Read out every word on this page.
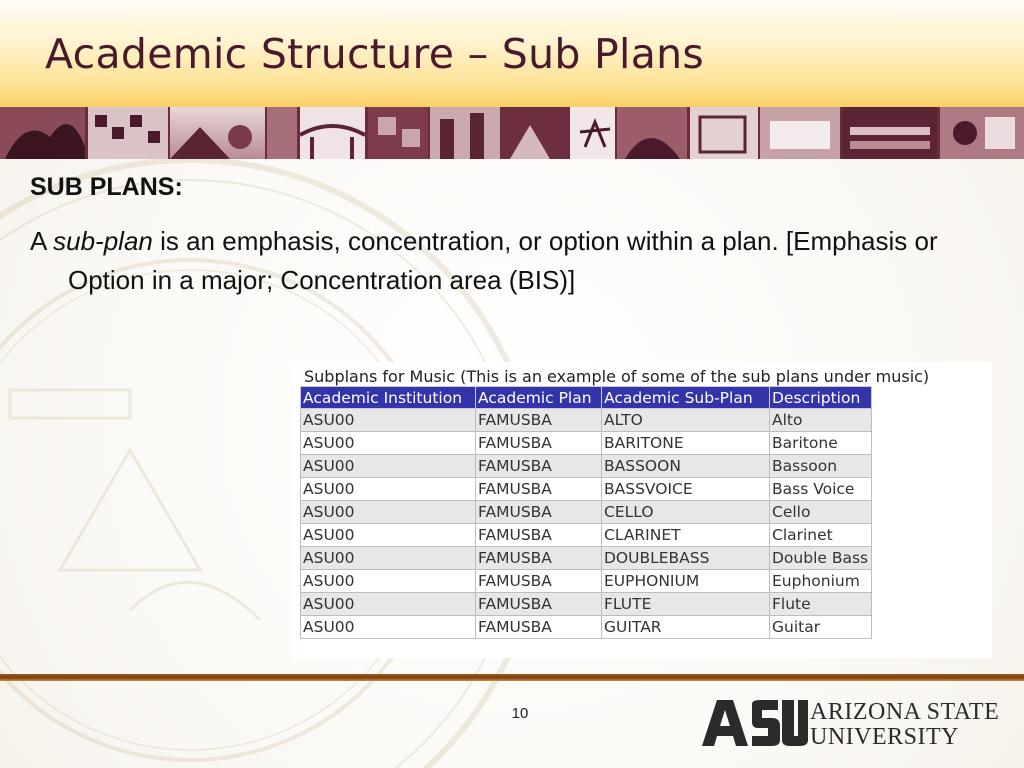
Academic Structure – Sub Plans
SUB PLANS:

A sub-plan is an emphasis, concentration, or option within a plan. [Emphasis or Option in a major; Concentration area (BIS)]

Subplans for Music (This is an example of some of the sub plans under music)
Academic Institution	Academic Plan	Academic Sub-Plan	Description
ASU00	FAMUSBA	ALTO	Alto
ASU00	FAMUSBA	BARITONE	Baritone
ASU00	FAMUSBA	BASSOON	Bassoon
ASU00	FAMUSBA	BASSVOICE	Bass Voice
ASU00	FAMUSBA	CELLO	Cello
ASU00	FAMUSBA	CLARINET	Clarinet
ASU00	FAMUSBA	DOUBLEBASS	Double Bass
ASU00	FAMUSBA	EUPHONIUM	Euphonium
ASU00	FAMUSBA	FLUTE	Flute
ASU00	FAMUSBA	GUITAR	Guitar
10	ARIZONA STATE
UNIVERSITY
